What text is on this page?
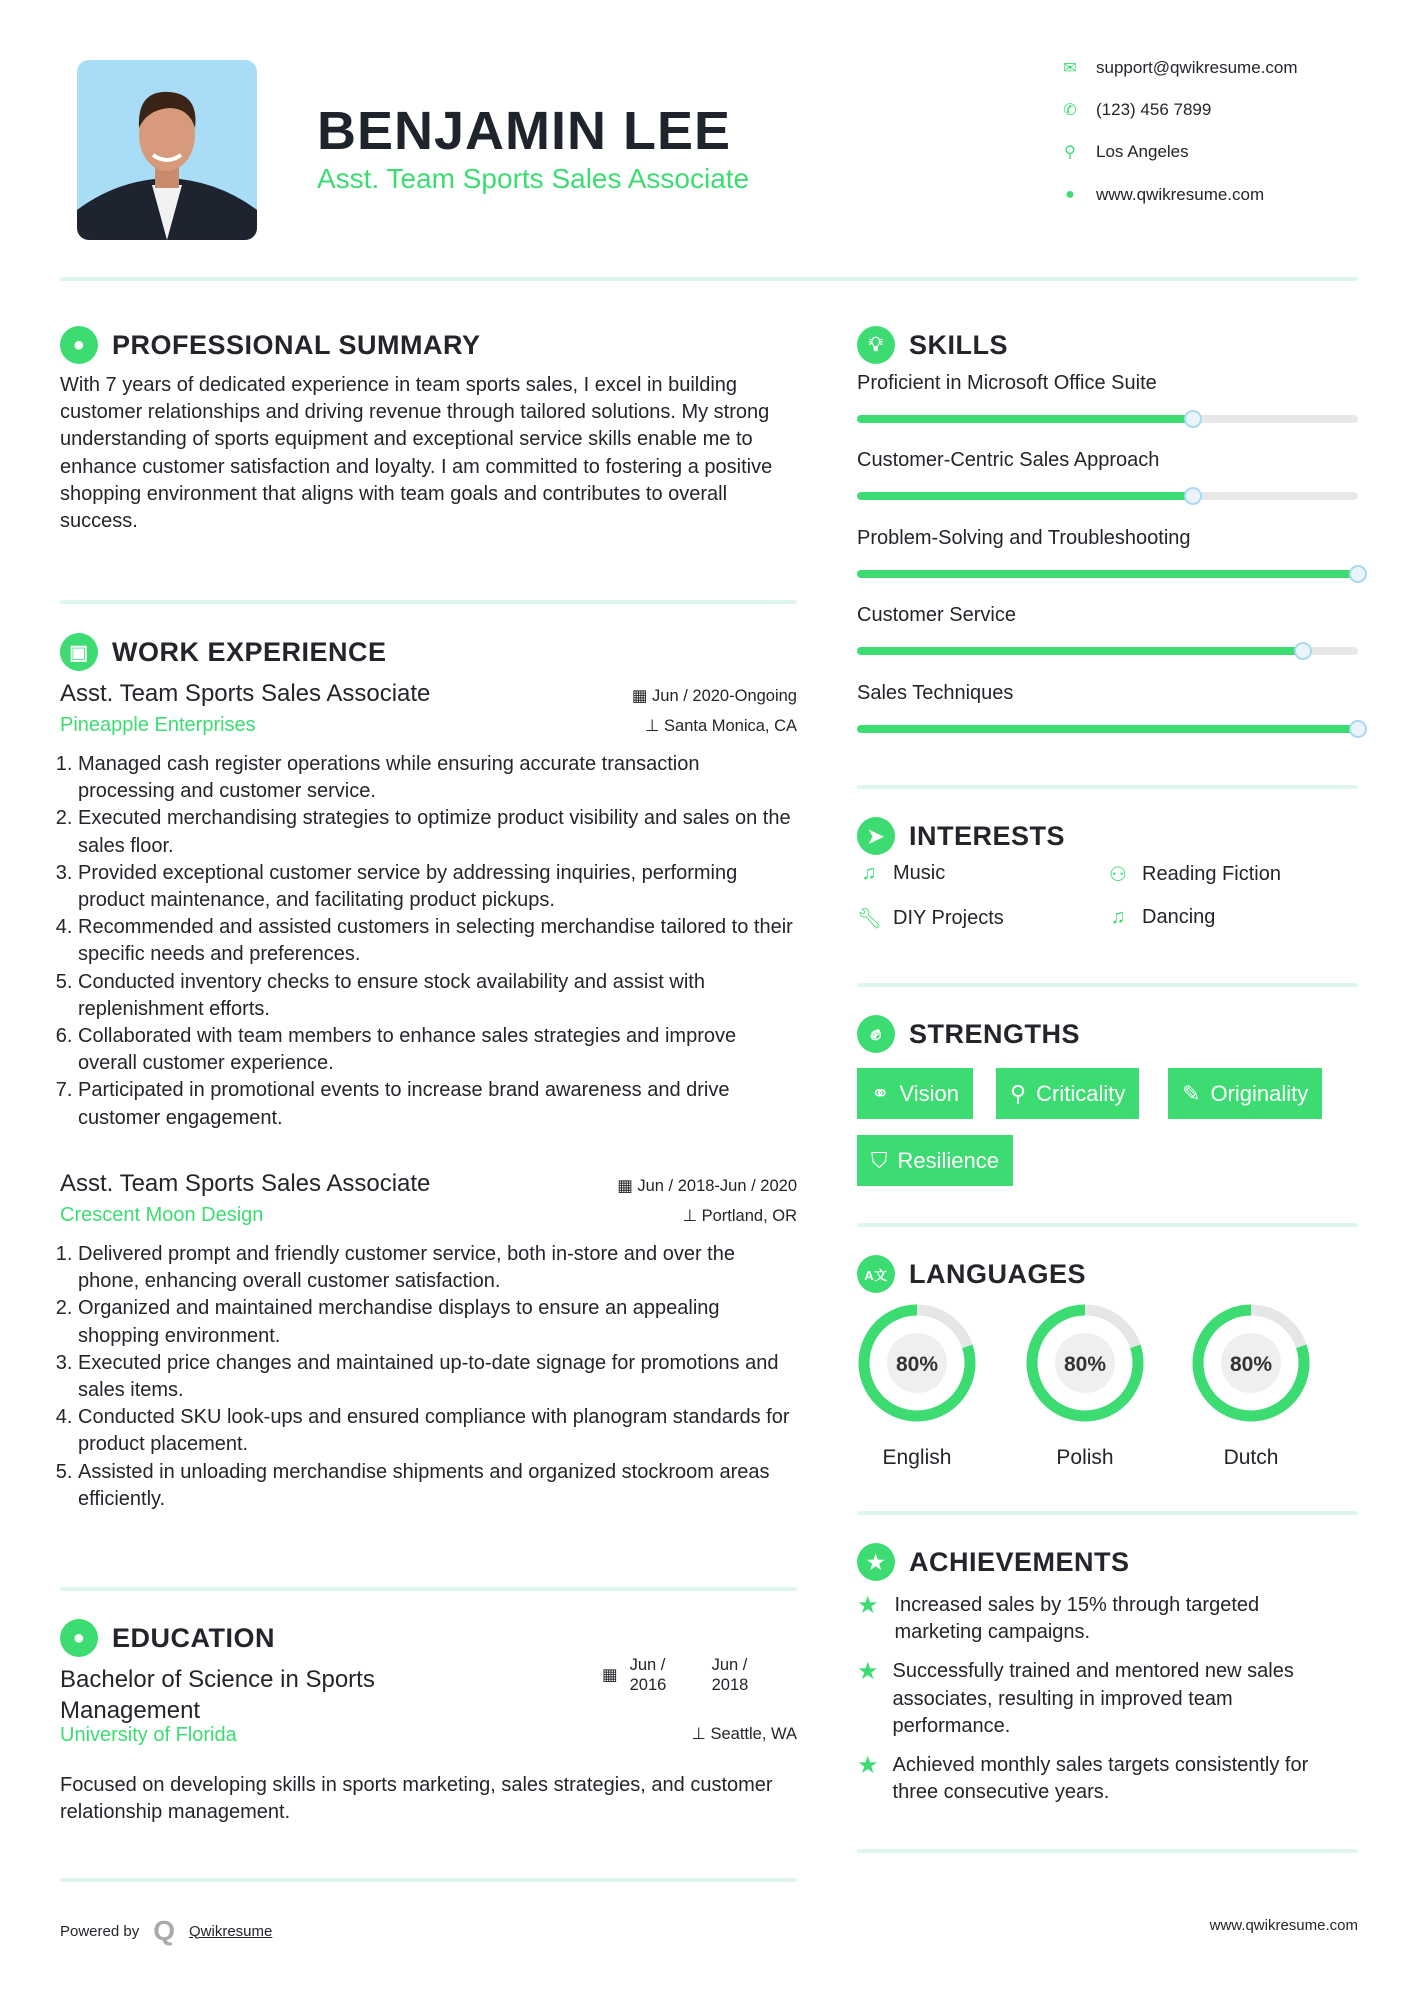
BENJAMIN LEE
Asst. Team Sports Sales Associate
✉ support@qwikresume.com
✆ (123) 456 7899
⚲ Los Angeles
●	www.qwikresume.com
● PROFESSIONAL SUMMARY
With 7 years of dedicated experience in team sports sales, I excel in building customer relationships and driving revenue through tailored solutions. My strong understanding of sports equipment and exceptional service skills enable me to enhance customer satisfaction and loyalty. I am committed to fostering a positive shopping environment that aligns with team goals and contributes to overall success.
▣ WORK EXPERIENCE
Asst. Team Sports Sales Associate	▦ Jun / 2020-Ongoing
Pineapple Enterprises	⊥ Santa Monica, CA
1. Managed cash register operations while ensuring accurate transaction processing and customer service.
2. Executed merchandising strategies to optimize product visibility and sales on the sales floor.
3. Provided exceptional customer service by addressing inquiries, performing product maintenance, and facilitating product pickups.
4. Recommended and assisted customers in selecting merchandise tailored to their specific needs and preferences.
5. Conducted inventory checks to ensure stock availability and assist with replenishment efforts.
6. Collaborated with team members to enhance sales strategies and improve overall customer experience.
7. Participated in promotional events to increase brand awareness and drive customer engagement.
Asst. Team Sports Sales Associate	▦ Jun / 2018-Jun / 2020
Crescent Moon Design	⊥ Portland, OR
1. Delivered prompt and friendly customer service, both in-store and over the phone, enhancing overall customer satisfaction.
2. Organized and maintained merchandise displays to ensure an appealing shopping environment.
3. Executed price changes and maintained up-to-date signage for promotions and sales items.
4. Conducted SKU look-ups and ensured compliance with planogram standards for product placement.
5. Assisted in unloading merchandise shipments and organized stockroom areas efficiently.
● EDUCATION
Bachelor of Science in Sports Management
▦
Jun / 2016
Jun / 2018
University of Florida	⊥ Seattle, WA
Focused on developing skills in sports marketing, sales strategies, and customer relationship management.
Powered by Q Qwikresume	www.qwikresume.com
💡︎ SKILLS
Proficient in Microsoft Office Suite
Customer-Centric Sales Approach
Problem-Solving and Troubleshooting
Customer Service
Sales Techniques
➤ INTERESTS
♫ Music	⚇ Reading Fiction
🔧︎ DIY Projects	♫ Dancing
✊︎	STRENGTHS
⚭ Vision ⚲ Criticality	✎ Originality
⛉ Resilience
A文 LANGUAGES
80%
English
80%
Polish
80%
Dutch
★ ACHIEVEMENTS
★ Increased sales by 15% through targeted marketing campaigns.
★ Successfully trained and mentored new sales associates, resulting in improved team performance.
★ Achieved monthly sales targets consistently for three consecutive years.
